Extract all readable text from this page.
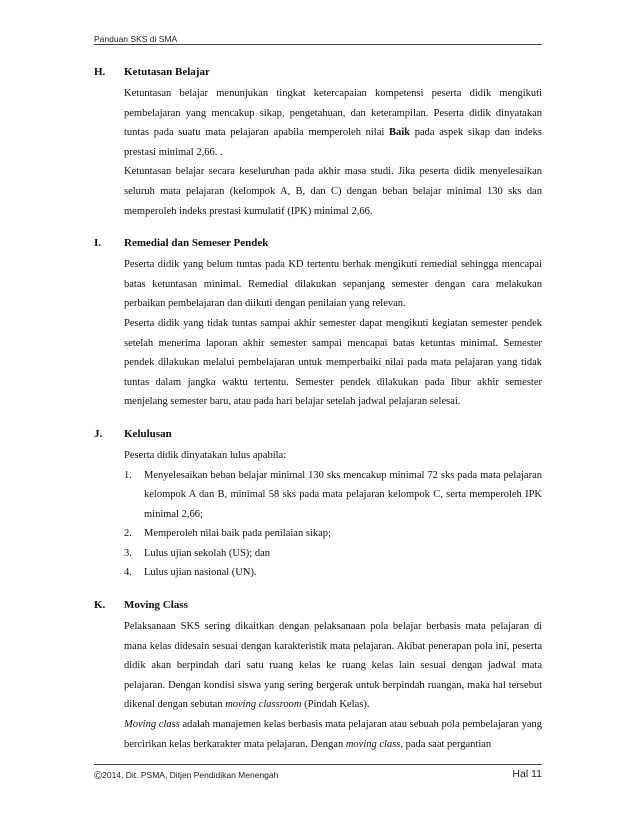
Panduan SKS di SMA
H. Ketutasan Belajar

Ketuntasan belajar menunjukan tingkat ketercapaian kompetensi peserta didik mengikuti pembelajaran yang mencakup sikap, pengetahuan, dan keterampilan. Peserta didik dinyatakan tuntas pada suatu mata pelajaran apabila memperoleh nilai Baik pada aspek sikap dan indeks prestasi minimal 2,66. .

Ketuntasan belajar secara keseluruhan pada akhir masa studi. Jika peserta didik menyelesaikan seluruh mata pelajaran (kelompok A, B, dan C) dengan beban belajar minimal 130 sks dan memperoleh indeks prestasi kumulatif (IPK) minimal 2,66.

I. Remedial dan Semeser Pendek

Peserta didik yang belum tuntas pada KD tertentu berhak mengikuti remedial sehingga mencapai batas ketuntasan minimal. Remedial dilakukan sepanjang semester dengan cara melakukan perbaikan pembelajaran dan diikuti dengan penilaian yang relevan.

Peserta didik yang tidak tuntas sampai akhir semester dapat mengikuti kegiatan semester pendek setelah menerima laporan akhir semester sampai mencapai batas ketuntas minimal. Semester pendek dilakukan melalui pembelajaran untuk memperbaiki nilai pada mata pelajaran yang tidak tuntas dalam jangka waktu tertentu. Semester pendek dilakukan pada libur akhir semester menjelang semester baru, atau pada hari belajar setelah jadwal pelajaran selesai.

J. Kelulusan

Peserta didik dinyatakan lulus apabila:

1. Menyelesaikan beban belajar minimal 130 sks mencakup minimal 72 sks pada mata pelajaran kelompok A dan B, minimal 58 sks pada mata pelajaran kelompok C, serta memperoleh IPK minimal 2,66;
2. Memperoleh nilai baik pada penilaian sikap;
3. Lulus ujian sekolah (US); dan
4. Lulus ujian nasional (UN).
K. Moving Class

Pelaksanaan SKS sering dikaitkan dengan pelaksanaan pola belajar berbasis mata pelajaran di mana kelas didesain sesuai dengan karakteristik mata pelajaran. Akibat penerapan pola ini, peserta didik akan berpindah dari satu ruang kelas ke ruang kelas lain sesuai dengan jadwal mata pelajaran. Dengan kondisi siswa yang sering bergerak untuk berpindah ruangan, maka hal tersebut dikenal dengan sebutan moving classroom (Pindah Kelas).

Moving class adalah manajemen kelas berbasis mata pelajaran atau sebuah pola pembelajaran yang bercirikan kelas berkarakter mata pelajaran. Dengan moving class, pada saat pergantian

©2014, Dit. PSMA, Ditjen Pendidikan Menengah	Hal 11
